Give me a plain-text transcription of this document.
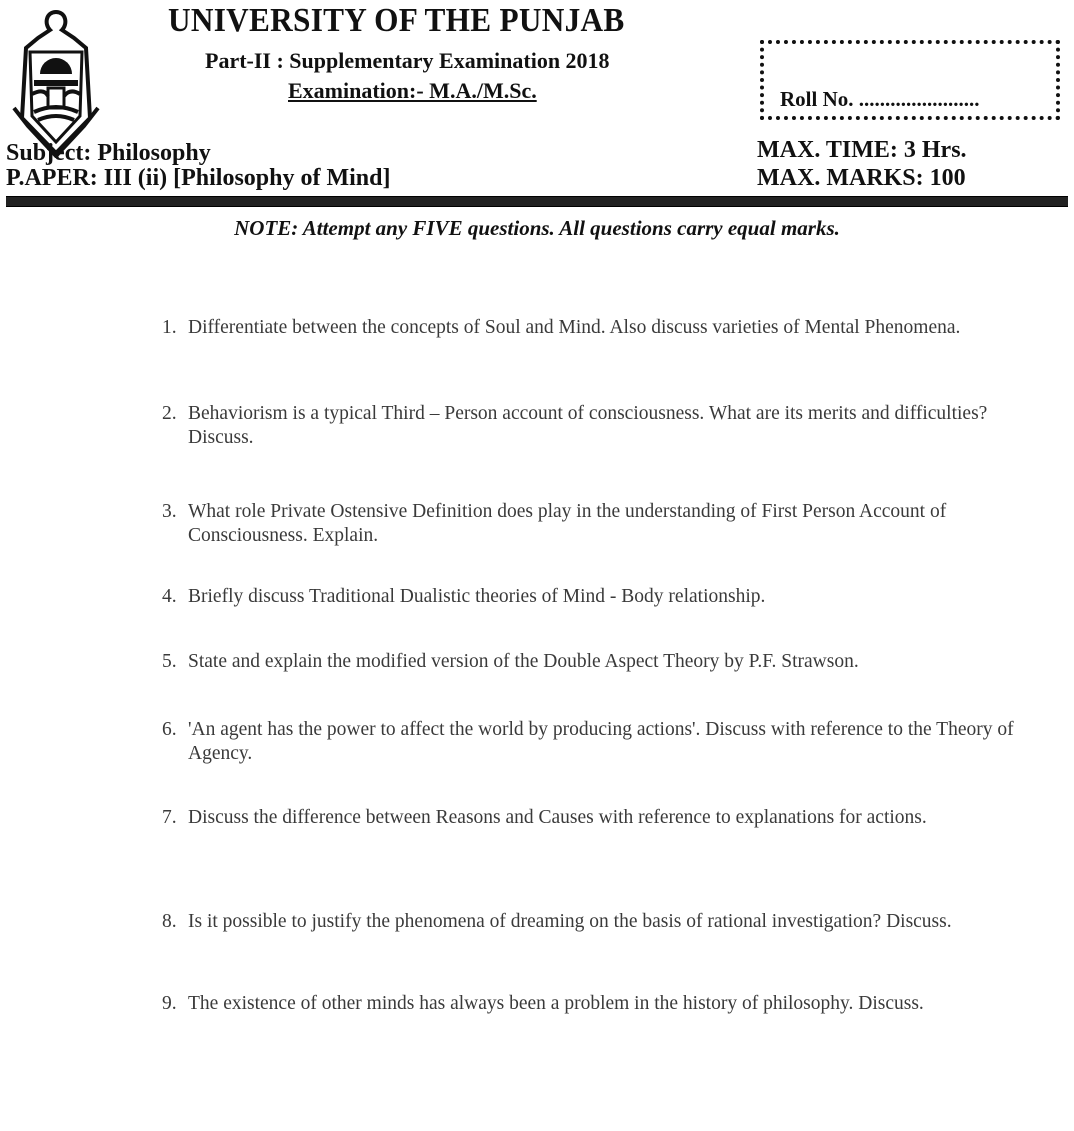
UNIVERSITY OF THE PUNJAB
Part-II : Supplementary Examination 2018
Examination:- M.A./M.Sc.	Roll No. .......................
Subject: Philosophy
P.APER: III (ii) [Philosophy of Mind]
MAX. TIME: 3 Hrs.
MAX. MARKS: 100
NOTE: Attempt any FIVE questions. All questions carry equal marks.
1. Differentiate between the concepts of Soul and Mind. Also discuss varieties of Mental Phenomena.
2. Behaviorism is a typical Third – Person account of consciousness. What are its merits and difficulties? Discuss.
3. What role Private Ostensive Definition does play in the understanding of First Person Account of Consciousness. Explain.
4. Briefly discuss Traditional Dualistic theories of Mind - Body relationship.
5. State and explain the modified version of the Double Aspect Theory by P.F. Strawson.
6. 'An agent has the power to affect the world by producing actions'. Discuss with reference to the Theory of Agency.
7. Discuss the difference between Reasons and Causes with reference to explanations for actions.
8. Is it possible to justify the phenomena of dreaming on the basis of rational investigation? Discuss.
9. The existence of other minds has always been a problem in the history of philosophy. Discuss.
